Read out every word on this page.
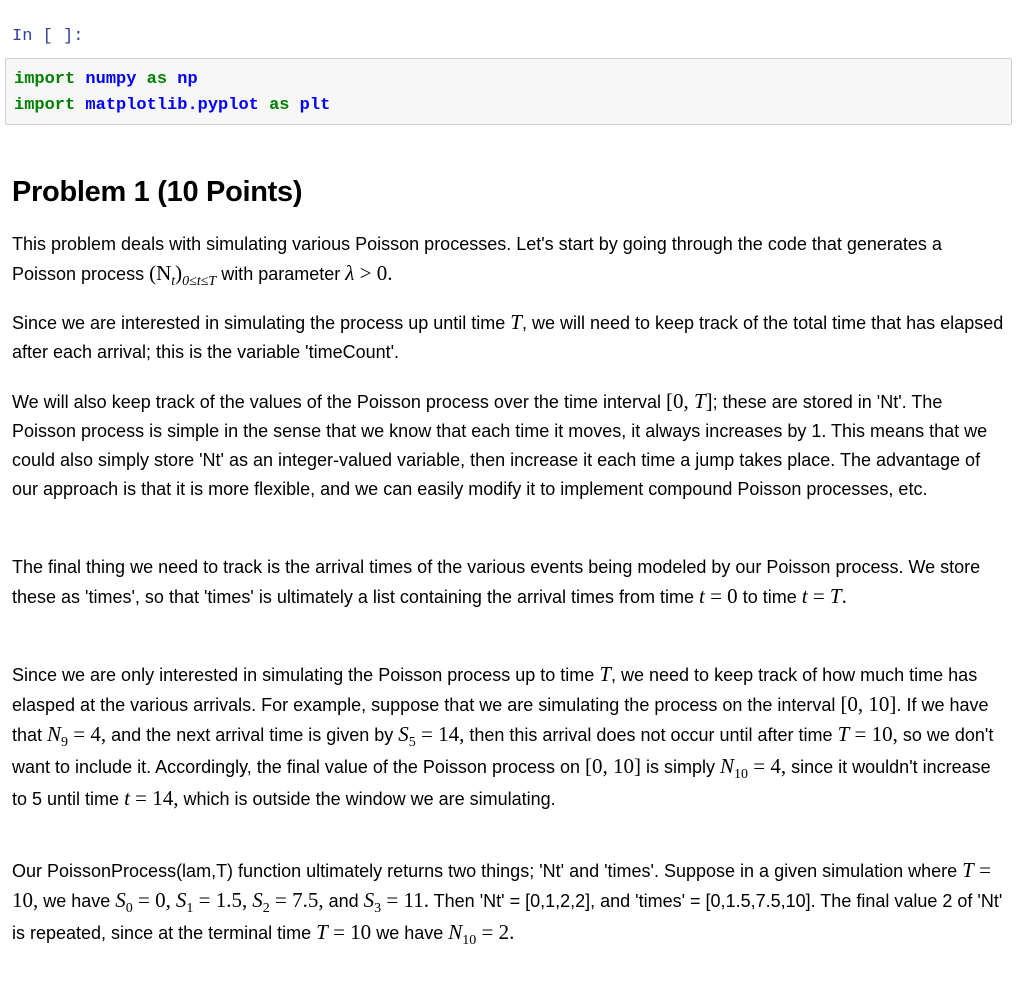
In [ ]:
import numpy as np
import matplotlib.pyplot as plt
Problem 1 (10 Points)

This problem deals with simulating various Poisson processes. Let's start by going through the code that generates a Poisson process $(N_t)_{0\le t\le T}$ with parameter λ > 0.

Since we are interested in simulating the process up until time T, we will need to keep track of the total time that has elapsed after each arrival; this is the variable 'timeCount'.

We will also keep track of the values of the Poisson process over the time interval [0, T]; these are stored in 'Nt'. The Poisson process is simple in the sense that we know that each time it moves, it always increases by 1. This means that we could also simply store 'Nt' as an integer-valued variable, then increase it each time a jump takes place. The advantage of our approach is that it is more flexible, and we can easily modify it to implement compound Poisson processes, etc.

The final thing we need to track is the arrival times of the various events being modeled by our Poisson process. We store these as 'times', so that 'times' is ultimately a list containing the arrival times from time t = 0 to time t = T.

Since we are only interested in simulating the Poisson process up to time T, we need to keep track of how much time has elasped at the various arrivals. For example, suppose that we are simulating the process on the interval [0, 10]. If we have that $N_9 = 4$, and the next arrival time is given by $S_5 = 14$, then this arrival does not occur until after time T = 10, so we don't want to include it. Accordingly, the final value of the Poisson process on [0, 10] is simply $N_{10} = 4$, since it wouldn't increase to 5 until time t = 14, which is outside the window we are simulating.

Our PoissonProcess(lam,T) function ultimately returns two things; 'Nt' and 'times'. Suppose in a given simulation where T = 10, we have $S_0 = 0$, $S_1 = 1.5$, $S_2 = 7.5$, and $S_3 = 11$. Then 'Nt' = [0,1,2,2], and 'times' = [0,1.5,7.5,10]. The final value 2 of 'Nt' is repeated, since at the terminal time T = 10 we have $N_{10} = 2$.
